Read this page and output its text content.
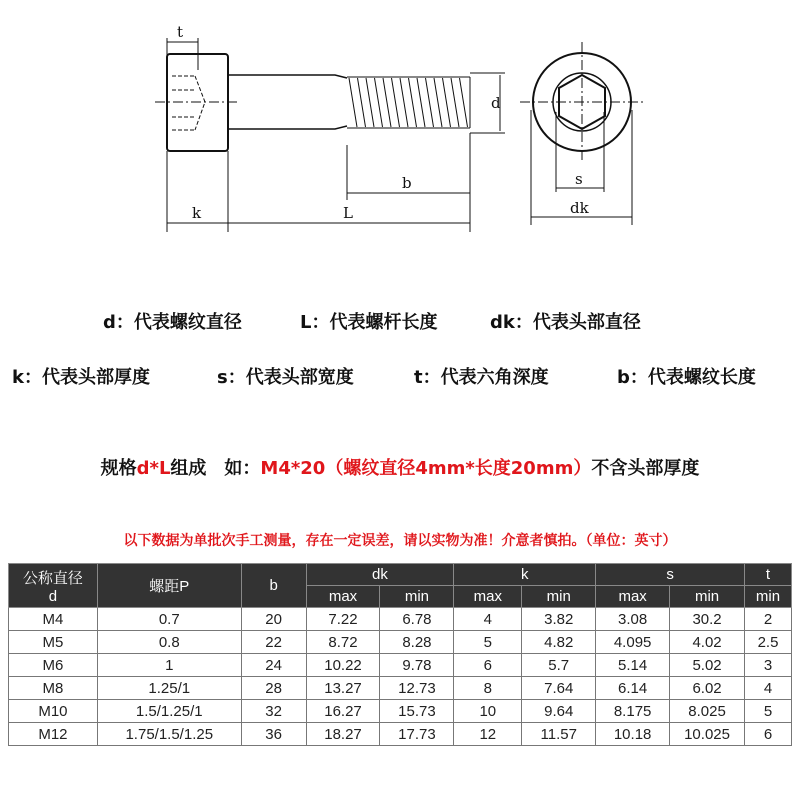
t
d
b
k	L
s
dk
d：代表螺纹直径	L：代表螺杆长度	dk：代表头部直径
k：代表头部厚度	s：代表头部宽度	t：代表六角深度	b：代表螺纹长度
规格d*L组成　如：M4*20（螺纹直径4mm*长度20mm）不含头部厚度
以下数据为单批次手工测量，存在一定误差，请以实物为准！介意者慎拍。（单位：英寸）
公称直径
d	螺距P	b	dk		k		s		t
			max	min	max	min	max	min	min
M4	0.7	20	7.22	6.78	4	3.82	3.08	30.2	2
M5	0.8	22	8.72	8.28	5	4.82	4.095	4.02	2.5
M6	1	24	10.22	9.78	6	5.7	5.14	5.02	3
M8	1.25/1	28	13.27	12.73	8	7.64	6.14	6.02	4
M10	1.5/1.25/1	32	16.27	15.73	10	9.64	8.175	8.025	5
M12	1.75/1.5/1.25	36	18.27	17.73	12	11.57	10.18	10.025	6
